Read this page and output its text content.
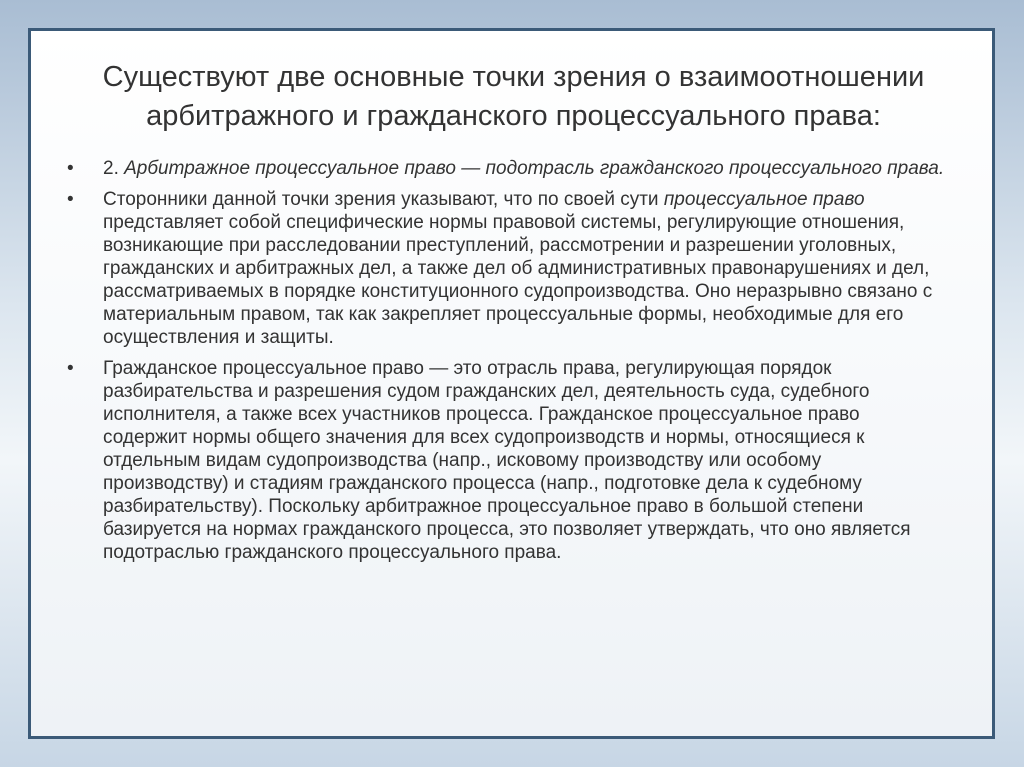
Существуют две основные точки зрения о взаимоотношении арбитражного и гражданского процессуального права:
•	2. Арбитражное процессуальное право — подотрасль гражданского процессуального права.
•	Сторонники данной точки зрения указывают, что по своей сути процессуальное право представляет собой специфические нормы правовой системы, регулирующие отношения, возникающие при расследовании преступлений, рассмотрении и разрешении уголовных, гражданских и арбитражных дел, а также дел об административных правонарушениях и дел, рассматриваемых в порядке конституционного судопроизводства. Оно неразрывно связано с материальным правом, так как закрепляет процессуальные формы, необходимые для его осуществления и защиты.
•	Гражданское процессуальное право — это отрасль права, регулирующая порядок разбирательства и разрешения судом гражданских дел, деятельность суда, судебного исполнителя, а также всех участников процесса. Гражданское процессуальное право содержит нормы общего значения для всех судопроизводств и нормы, относящиеся к отдельным видам судопроизводства (напр., исковому производству или особому производству) и стадиям гражданского процесса (напр., подготовке дела к судебному разбирательству). Поскольку арбитражное процессуальное право в большой степени базируется на нормах гражданского процесса, это позволяет утверждать, что оно является подотраслью гражданского процессуального права.
